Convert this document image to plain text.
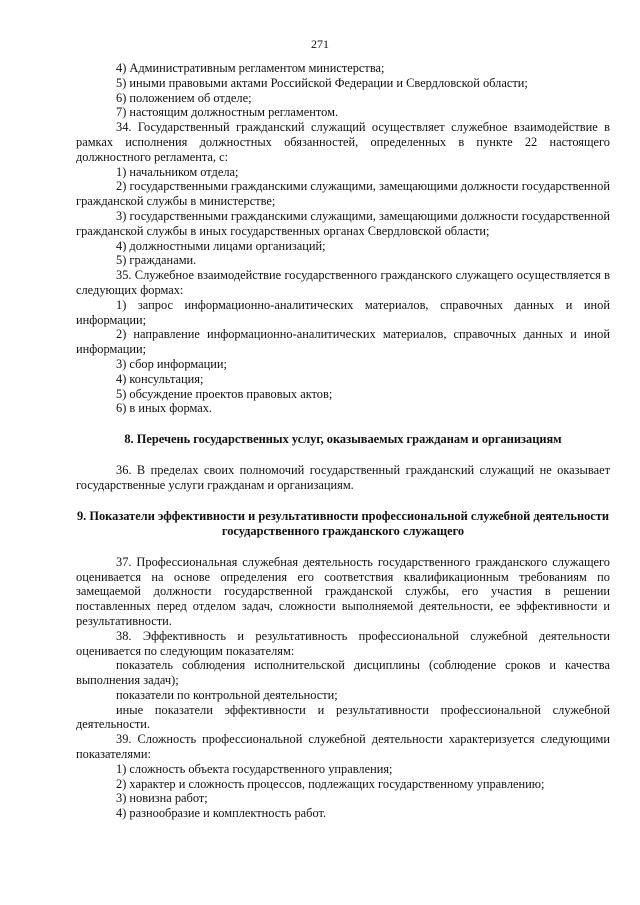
271

4) Административным регламентом министерства;

5) иными правовыми актами Российской Федерации и Свердловской области;

6) положением об отделе;

7) настоящим должностным регламентом.

34. Государственный гражданский служащий осуществляет служебное взаимодействие в рамках исполнения должностных обязанностей, определенных в пункте 22 настоящего должностного регламента, с:

1) начальником отдела;

2) государственными гражданскими служащими, замещающими должности государственной гражданской службы в министерстве;

3) государственными гражданскими служащими, замещающими должности государственной гражданской службы в иных государственных органах Свердловской области;

4) должностными лицами организаций;

5) гражданами.

35. Служебное взаимодействие государственного гражданского служащего осуществляется в следующих формах:

1) запрос информационно-аналитических материалов, справочных данных и иной информации;

2) направление информационно-аналитических материалов, справочных данных и иной информации;

3) сбор информации;

4) консультация;

5) обсуждение проектов правовых актов;

6) в иных формах.

8. Перечень государственных услуг, оказываемых гражданам и организациям

36. В пределах своих полномочий государственный гражданский служащий не оказывает государственные услуги гражданам и организациям.

9. Показатели эффективности и результативности профессиональной служебной деятельности государственного гражданского служащего

37. Профессиональная служебная деятельность государственного гражданского служащего оценивается на основе определения его соответствия квалификационным требованиям по замещаемой должности государственной гражданской службы, его участия в решении поставленных перед отделом задач, сложности выполняемой деятельности, ее эффективности и результативности.

38. Эффективность и результативность профессиональной служебной деятельности оценивается по следующим показателям:

показатель соблюдения исполнительской дисциплины (соблюдение сроков и качества выполнения задач);

показатели по контрольной деятельности;

иные показатели эффективности и результативности профессиональной служебной деятельности.

39. Сложность профессиональной служебной деятельности характеризуется следующими показателями:

1) сложность объекта государственного управления;

2) характер и сложность процессов, подлежащих государственному управлению;

3) новизна работ;

4) разнообразие и комплектность работ.
